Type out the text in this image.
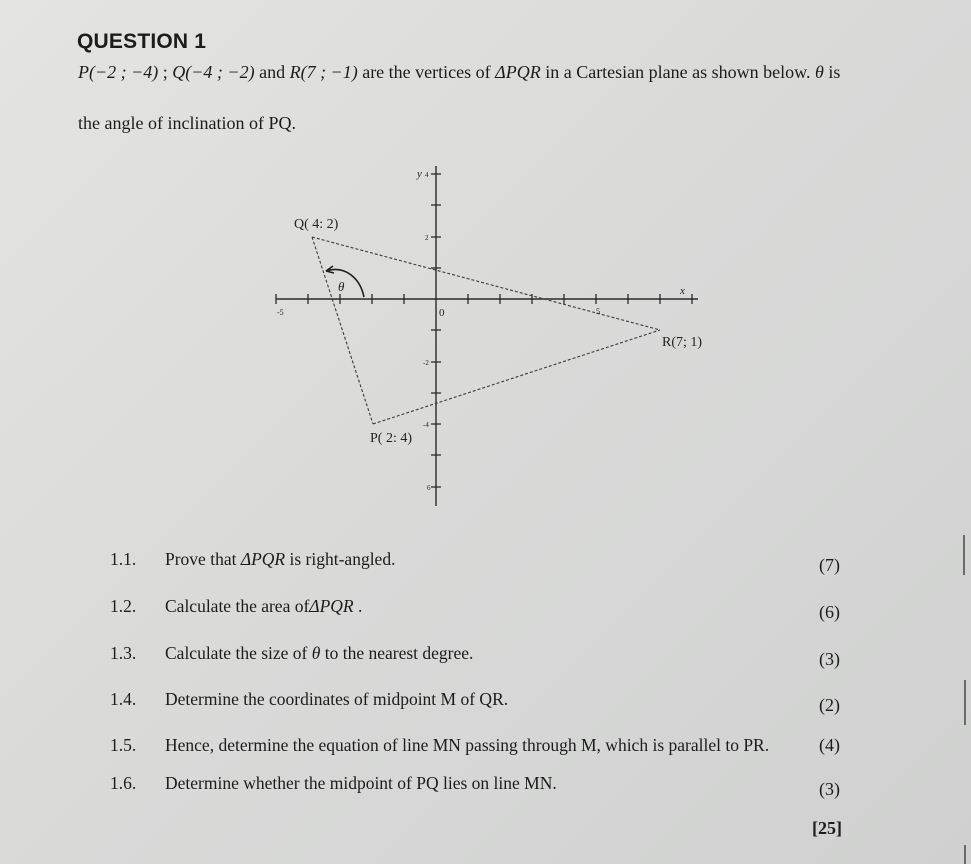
QUESTION 1
P(−2 ; −4) ; Q(−4 ; −2) and R(7 ; −1) are the vertices of ΔPQR in a Cartesian plane as shown below. θ is
the angle of inclination of PQ.
θ
Q( 4: 2)
P( 2: 4)
R(7; 1)
x
y
0
-5	5
4
2
-2
-4
6
1.1. Prove that ΔPQR is right-angled.	(7)
1.2. Calculate the area ofΔPQR .	(6)
1.3. Calculate the size of θ to the nearest degree.	(3)
1.4. Determine the coordinates of midpoint M of QR.	(2)
1.5. Hence, determine the equation of line MN passing through M, which is parallel to PR.	(4)
1.6. Determine whether the midpoint of PQ lies on line MN.	(3)
[25]
